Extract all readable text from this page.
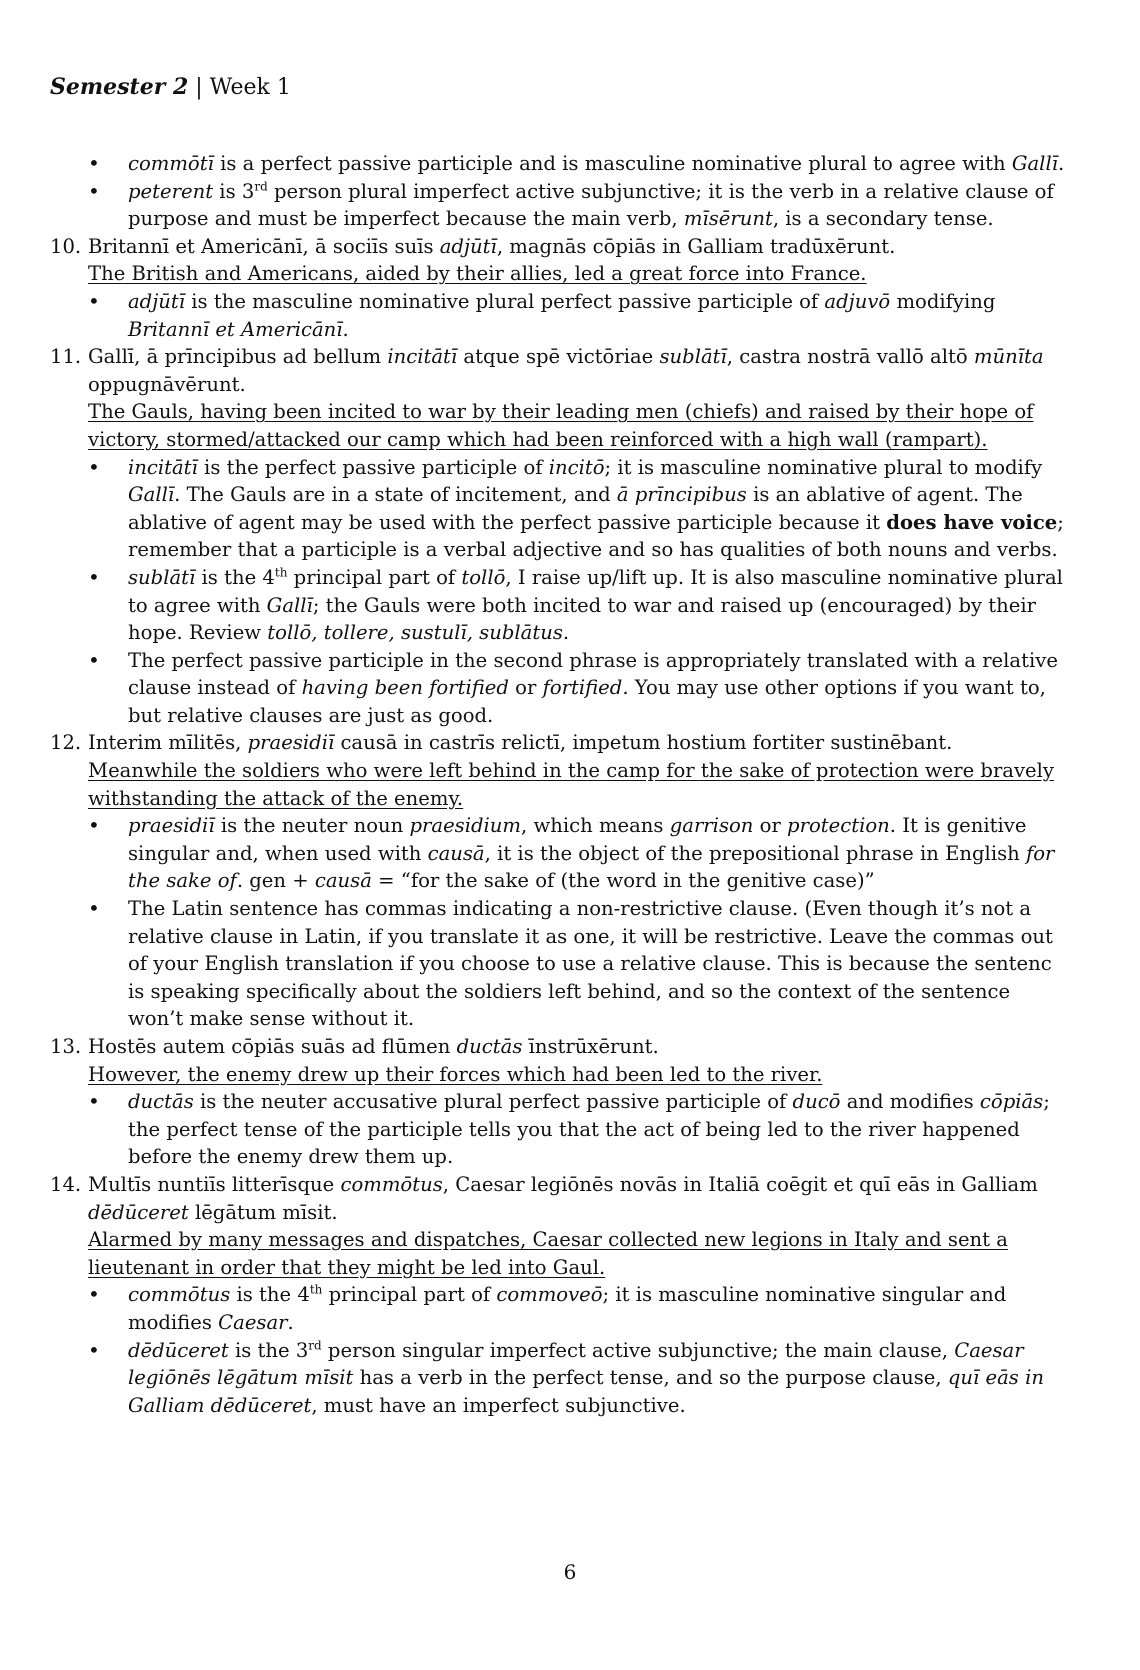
Semester 2 | Week 1
• commōtī is a perfect passive participle and is masculine nominative plural to agree with Gallī.
• peterent is 3rd person plural imperfect active subjunctive; it is the verb in a relative clause of purpose and must be imperfect because the main verb, mīsērunt, is a secondary tense.
10. Britannī et Americānī, ā sociīs suīs adjūtī, magnās cōpiās in Galliam tradūxērunt.
The British and Americans, aided by their allies, led a great force into France.
• adjūtī is the masculine nominative plural perfect passive participle of adjuvō modifying Britannī et Americānī.
11. Gallī, ā prīncipibus ad bellum incitātī atque spē victōriae sublātī, castra nostrā vallō altō mūnīta oppugnāvērunt.
The Gauls, having been incited to war by their leading men (chiefs) and raised by their hope of victory, stormed/attacked our camp which had been reinforced with a high wall (rampart).
• incitātī is the perfect passive participle of incitō; it is masculine nominative plural to modify Gallī. The Gauls are in a state of incitement, and ā prīncipibus is an ablative of agent. The ablative of agent may be used with the perfect passive participle because it does have voice; remember that a participle is a verbal adjective and so has qualities of both nouns and verbs.
• sublātī is the 4th principal part of tollō, I raise up/lift up. It is also masculine nominative plural to agree with Gallī; the Gauls were both incited to war and raised up (encouraged) by their hope. Review tollō, tollere, sustulī, sublātus.
• The perfect passive participle in the second phrase is appropriately translated with a relative clause instead of having been fortified or fortified. You may use other options if you want to, but relative clauses are just as good.
12. Interim mīlitēs, praesidiī causā in castrīs relictī, impetum hostium fortiter sustinēbant.
Meanwhile the soldiers who were left behind in the camp for the sake of protection were bravely withstanding the attack of the enemy.
• praesidiī is the neuter noun praesidium, which means garrison or protection. It is genitive singular and, when used with causā, it is the object of the prepositional phrase in English for the sake of. gen + causā = “for the sake of (the word in the genitive case)”
• The Latin sentence has commas indicating a non-restrictive clause. (Even though it’s not a relative clause in Latin, if you translate it as one, it will be restrictive. Leave the commas out of your English translation if you choose to use a relative clause. This is because the sentenc is speaking specifically about the soldiers left behind, and so the context of the sentence won’t make sense without it.
13. Hostēs autem cōpiās suās ad flūmen ductās īnstrūxērunt.
However, the enemy drew up their forces which had been led to the river.
• ductās is the neuter accusative plural perfect passive participle of ducō and modifies cōpiās; the perfect tense of the participle tells you that the act of being led to the river happened before the enemy drew them up.
14. Multīs nuntiīs litterīsque commōtus, Caesar legiōnēs novās in Italiā coēgit et quī eās in Galliam dēdūceret lēgātum mīsit.
Alarmed by many messages and dispatches, Caesar collected new legions in Italy and sent a lieutenant in order that they might be led into Gaul.
• commōtus is the 4th principal part of commoveō; it is masculine nominative singular and modifies Caesar.
• dēdūceret is the 3rd person singular imperfect active subjunctive; the main clause, Caesar legiōnēs lēgātum mīsit has a verb in the perfect tense, and so the purpose clause, quī eās in Galliam dēdūceret, must have an imperfect subjunctive.
6
